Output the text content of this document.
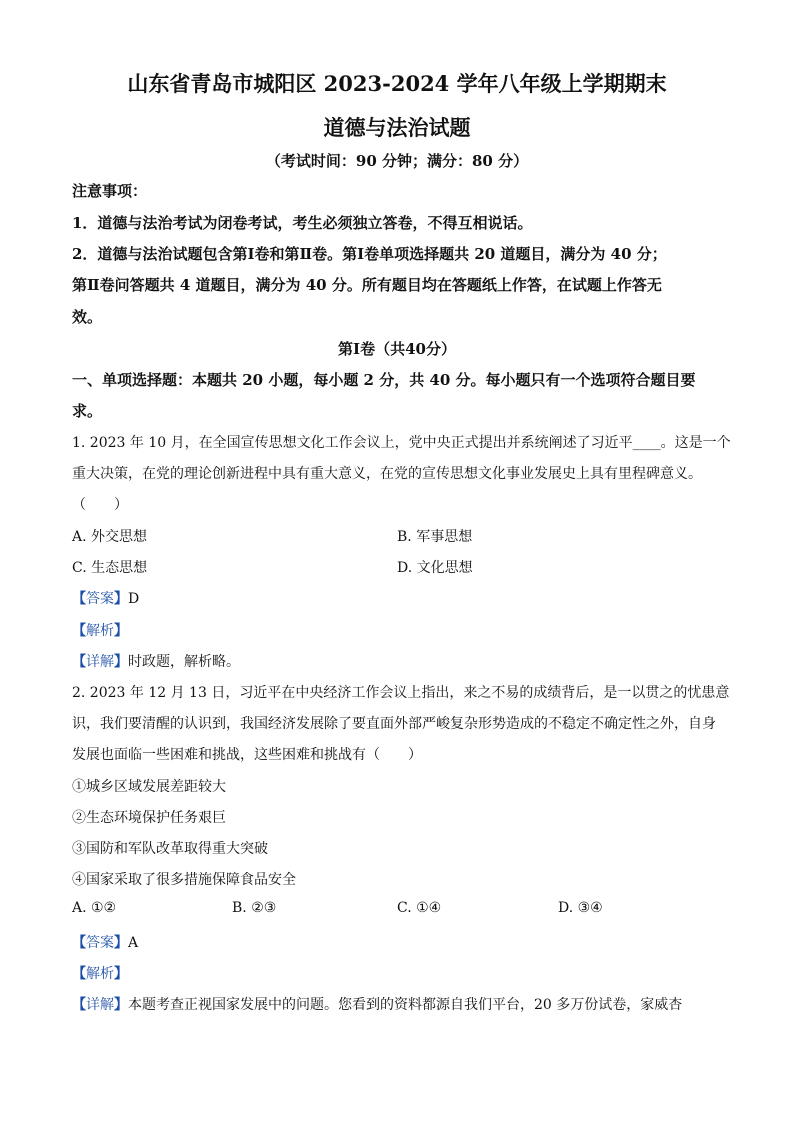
山东省青岛市城阳区 2023-2024 学年八年级上学期期末
道德与法治试题
（考试时间：90 分钟；满分：80 分）
注意事项：
1．道德与法治考试为闭卷考试，考生必须独立答卷，不得互相说话。
2．道德与法治试题包含第Ⅰ卷和第Ⅱ卷。第Ⅰ卷单项选择题共 20 道题目，满分为 40 分；
第Ⅱ卷问答题共 4 道题目，满分为 40 分。所有题目均在答题纸上作答，在试题上作答无
效。
第Ⅰ卷（共40分）
一、单项选择题：本题共 20 小题，每小题 2 分，共 40 分。每小题只有一个选项符合题目要
求。
1. 2023 年 10 月，在全国宣传思想文化工作会议上，党中央正式提出并系统阐述了习近平____。这是一个
重大决策，在党的理论创新进程中具有重大意义，在党的宣传思想文化事业发展史上具有里程碑意义。
（　　）
A. 外交思想	B. 军事思想
C. 生态思想	D. 文化思想
【答案】D
【解析】
【详解】时政题，解析略。
2. 2023 年 12 月 13 日，习近平在中央经济工作会议上指出，来之不易的成绩背后，是一以贯之的忧患意
识，我们要清醒的认识到，我国经济发展除了要直面外部严峻复杂形势造成的不稳定不确定性之外，自身
发展也面临一些困难和挑战，这些困难和挑战有（　　）
①城乡区域发展差距较大
②生态环境保护任务艰巨
③国防和军队改革取得重大突破
④国家采取了很多措施保障食品安全
A. ①②	B. ②③	C. ①④	D. ③④
【答案】A
【解析】
【详解】本题考查正视国家发展中的问题。您看到的资料都源自我们平台，20 多万份试卷，家威杏
